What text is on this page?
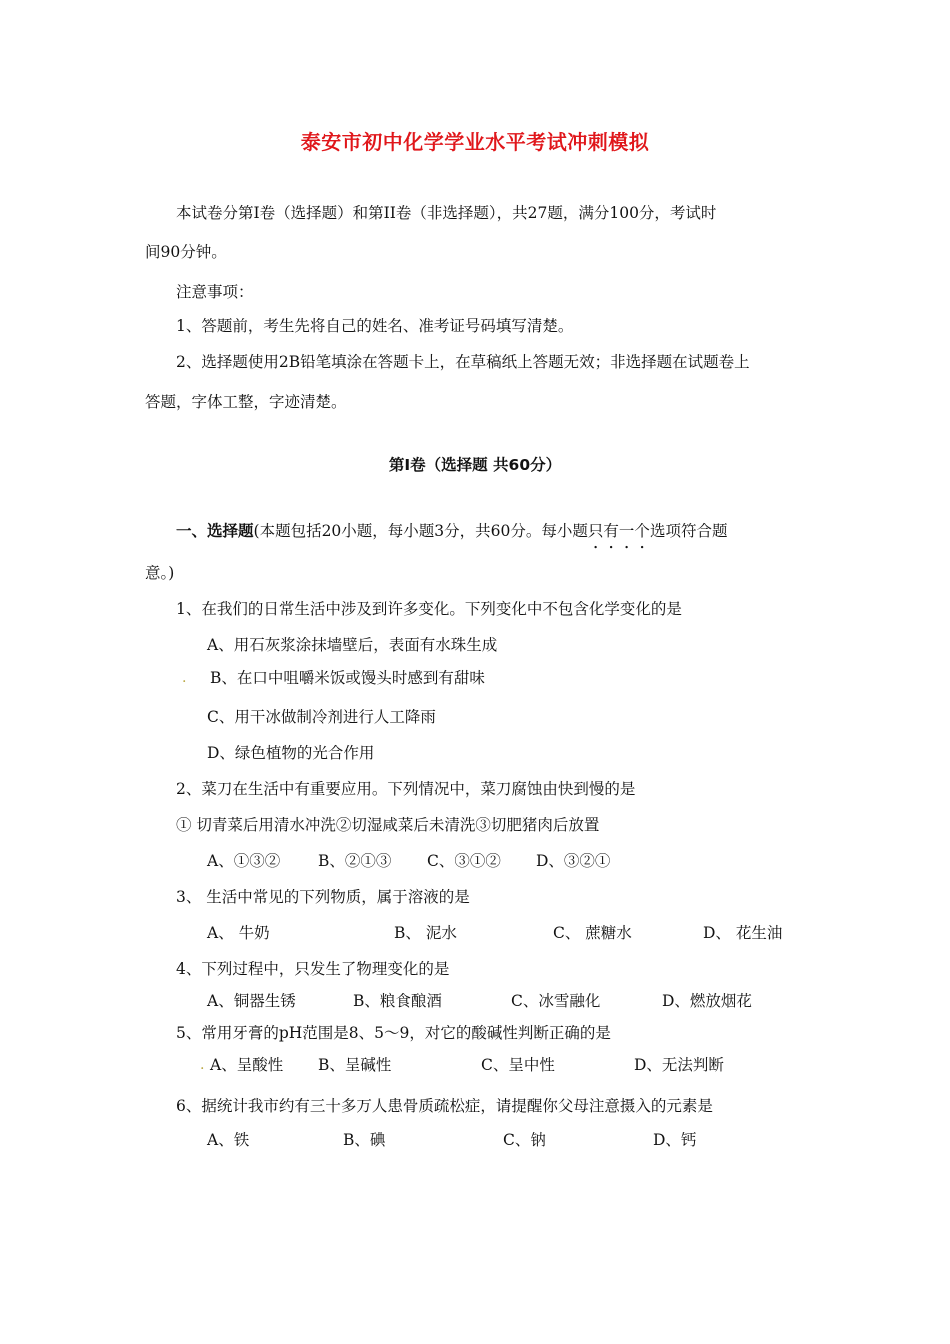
泰安市初中化学学业水平考试冲刺模拟
本试卷分第Ⅰ卷（选择题）和第II卷（非选择题），共27题，满分100分，考试时
间90分钟。
注意事项：
1、答题前，考生先将自己的姓名、准考证号码填写清楚。
2、选择题使用2B铅笔填涂在答题卡上，在草稿纸上答题无效；非选择题在试题卷上
答题，字体工整，字迹清楚。
第Ⅰ卷（选择题 共60分）
一、选择题(本题包括20小题，每小题3分，共60分。每小题只有一个选项符合题
意。)
1、在我们的日常生活中涉及到许多变化。下列变化中不包含化学变化的是
A、用石灰浆涂抹墙壁后，表面有水珠生成
. B、在口中咀嚼米饭或馒头时感到有甜味
C、用干冰做制冷剂进行人工降雨
D、绿色植物的光合作用
2、菜刀在生活中有重要应用。下列情况中，菜刀腐蚀由快到慢的是
① 切青菜后用清水冲洗②切湿咸菜后未清洗③切肥猪肉后放置
A、①③② B、②①③ C、③①② D、③②①
3、 生活中常见的下列物质，属于溶液的是
A、 牛奶	B、 泥水	C、 蔗糖水	D、 花生油
4、下列过程中，只发生了物理变化的是
A、铜器生锈	B、粮食酿酒	C、冰雪融化	D、燃放烟花
5、常用牙膏的pH范围是8、5～9，对它的酸碱性判断正确的是
. A、呈酸性 B、呈碱性	C、呈中性	D、无法判断
6、据统计我市约有三十多万人患骨质疏松症，请提醒你父母注意摄入的元素是
A、铁	B、碘	C、钠	D、钙
